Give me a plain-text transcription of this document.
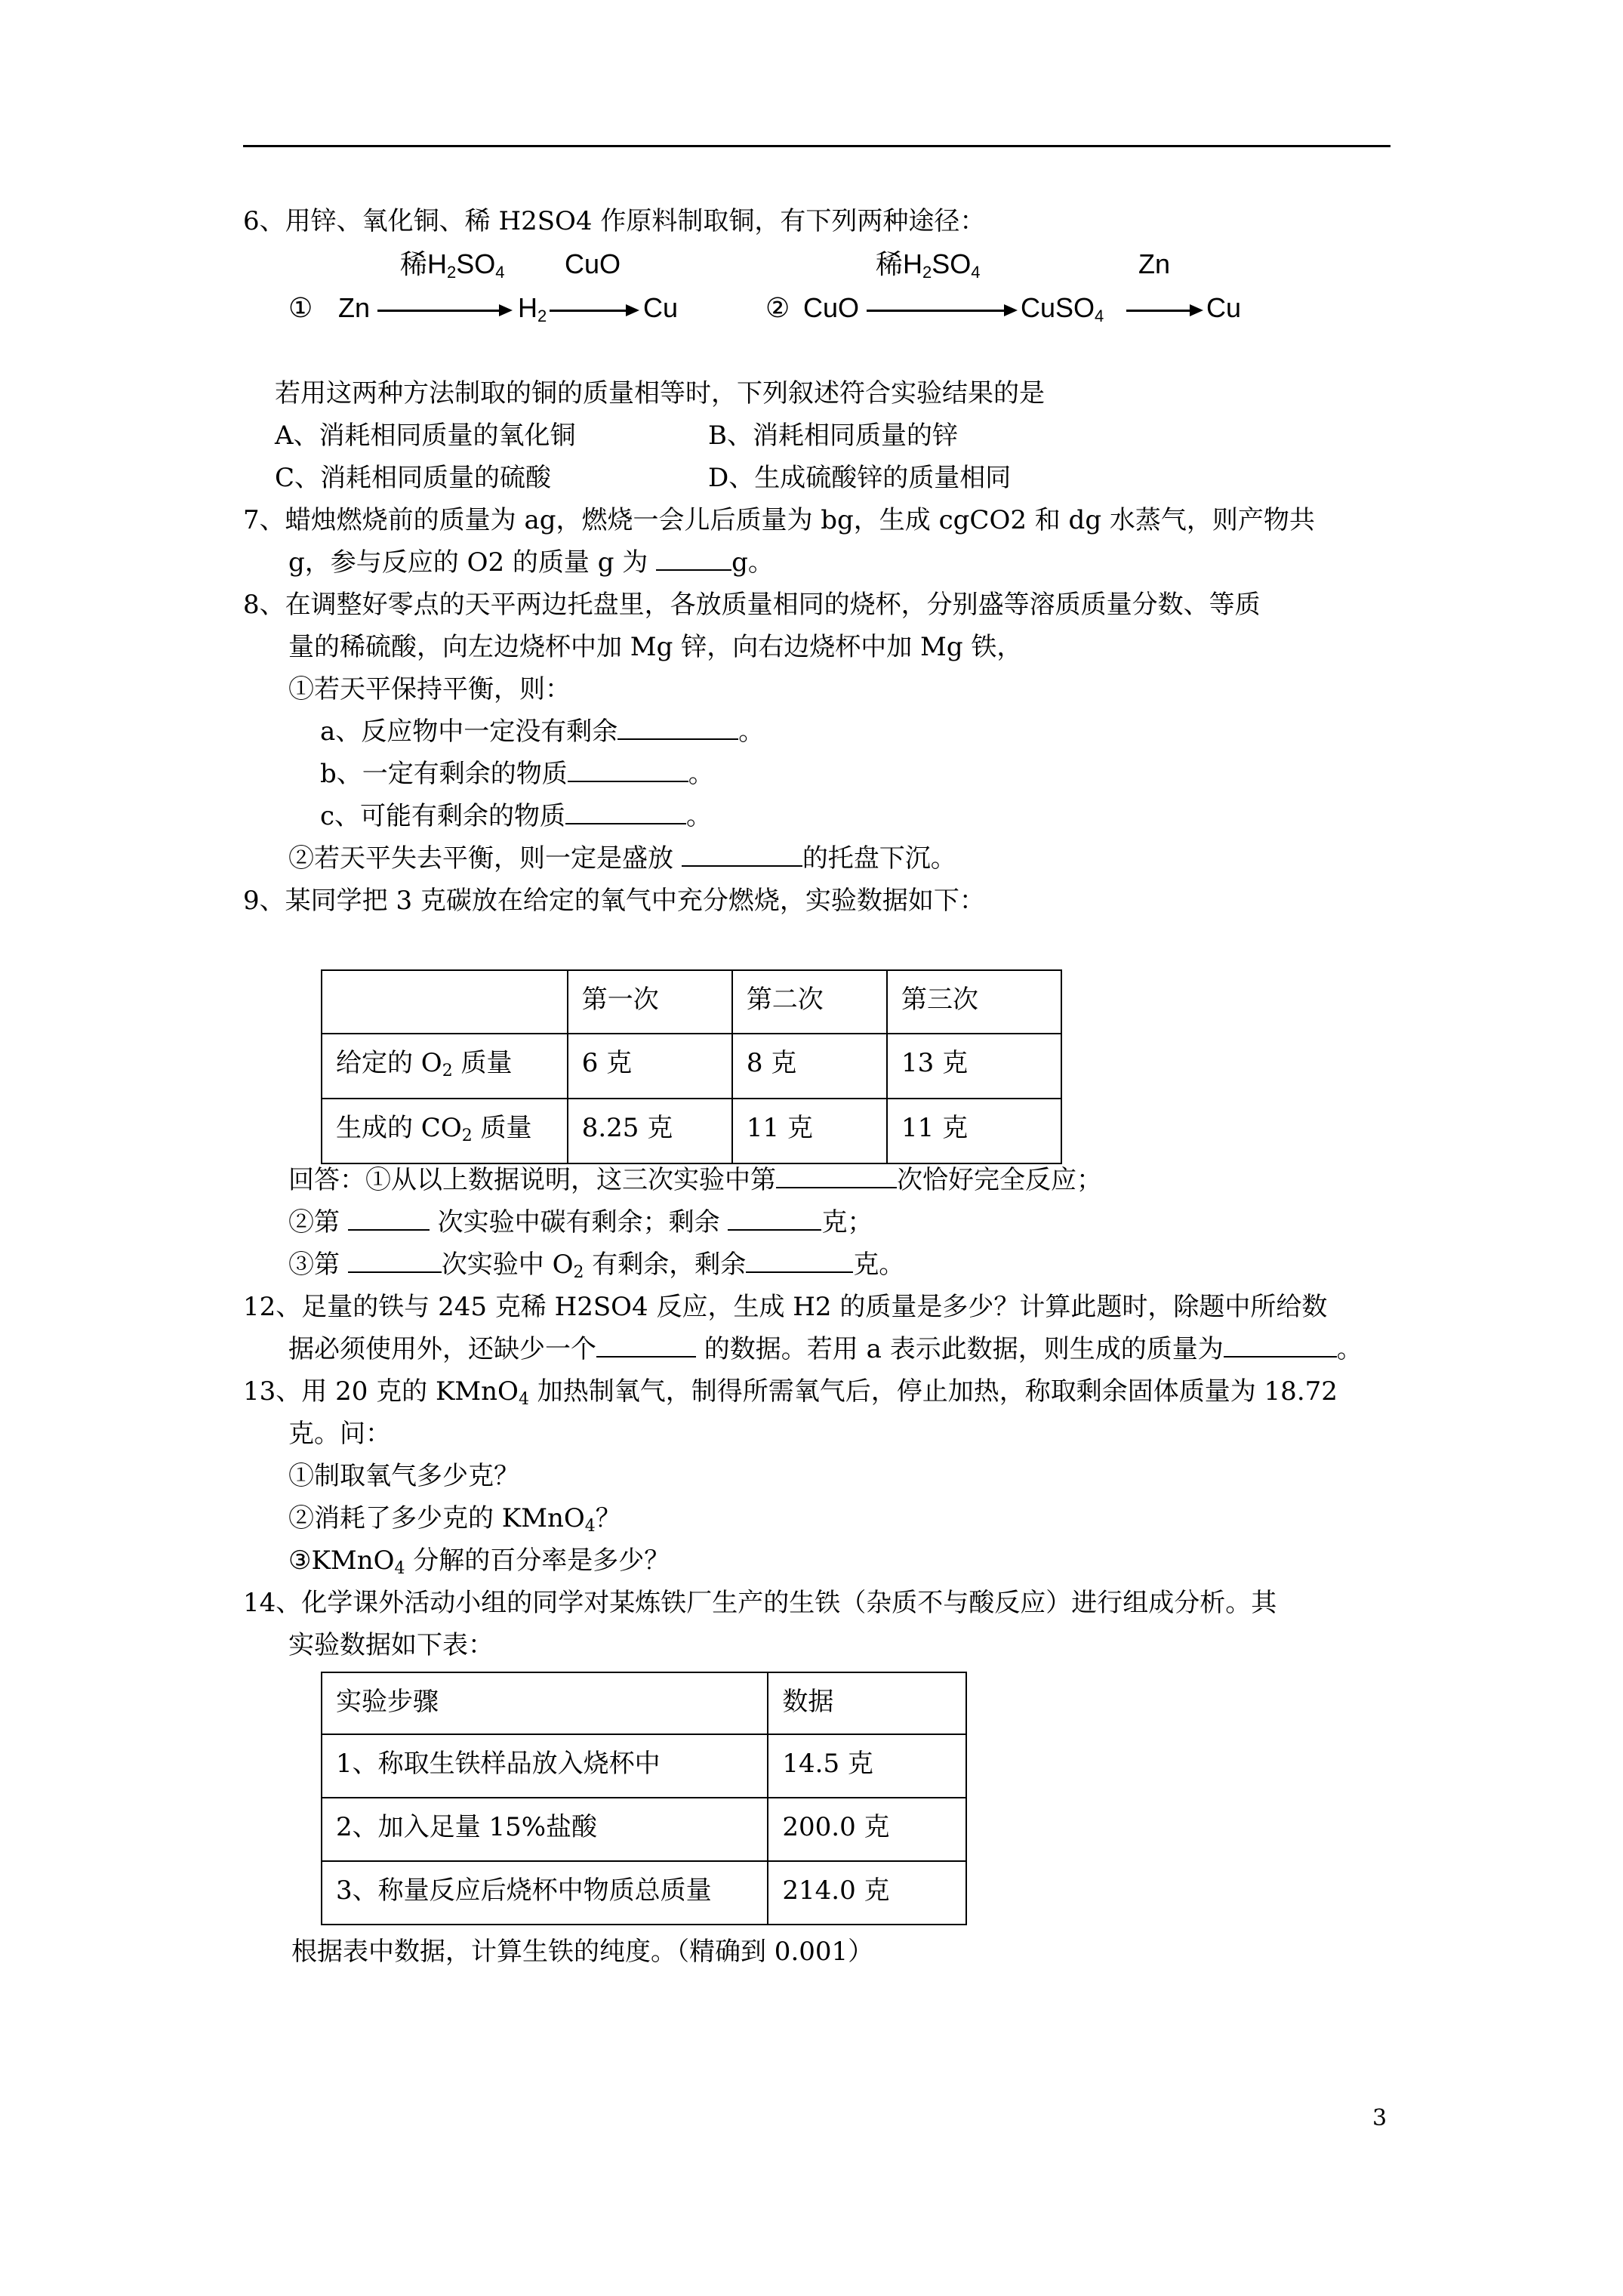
6、用锌、氧化铜、稀 H2SO4 作原料制取铜，有下列两种途径：
稀$H_2SO_4$ CuO
① Zn	$H_2$	Cu
稀$H_2SO_4$	Zn
② CuO	CuSO$_4$	Cu
若用这两种方法制取的铜的质量相等时，下列叙述符合实验结果的是
A、消耗相同质量的氧化铜	B、消耗相同质量的锌
C、消耗相同质量的硫酸	D、生成硫酸锌的质量相同
7、蜡烛燃烧前的质量为 ag，燃烧一会儿后质量为 bg，生成 cgCO2 和 dg 水蒸气，则产物共
g，参与反应的 O2 的质量 g 为	g。
8、在调整好零点的天平两边托盘里，各放质量相同的烧杯，分别盛等溶质质量分数、等质
量的稀硫酸，向左边烧杯中加 Mg 锌，向右边烧杯中加 Mg 铁，
①若天平保持平衡，则：
a、反应物中一定没有剩余	。
b、一定有剩余的物质	。
c、可能有剩余的物质	。
②若天平失去平衡，则一定是盛放	的托盘下沉。
9、某同学把 3 克碳放在给定的氧气中充分燃烧，实验数据如下：
	第一次	第二次	第三次
给定的 $O_2$ 质量	6 克	8 克	13 克
生成的 $CO_2$ 质量	8.25 克	11 克	11 克
回答：①从以上数据说明，这三次实验中第	次恰好完全反应；
②第	次实验中碳有剩余；剩余	克；
③第	次实验中 $O_2$ 有剩余，剩余	克。
12、足量的铁与 245 克稀 H2SO4 反应，生成 H2 的质量是多少？计算此题时，除题中所给数
据必须使用外，还缺少一个	的数据。若用 a 表示此数据，则生成的质量为	。
13、用 20 克的 KMnO$_4$ 加热制氧气，制得所需氧气后，停止加热，称取剩余固体质量为 18.72
克。问：
①制取氧气多少克？
②消耗了多少克的 KMnO$_4$？
③KMnO$_4$ 分解的百分率是多少？
14、化学课外活动小组的同学对某炼铁厂生产的生铁（杂质不与酸反应）进行组成分析。其
实验数据如下表：
实验步骤	数据
1、称取生铁样品放入烧杯中	14.5 克
2、加入足量 15%盐酸	200.0 克
3、称量反应后烧杯中物质总质量	214.0 克
根据表中数据，计算生铁的纯度。（精确到 0.001）
3
